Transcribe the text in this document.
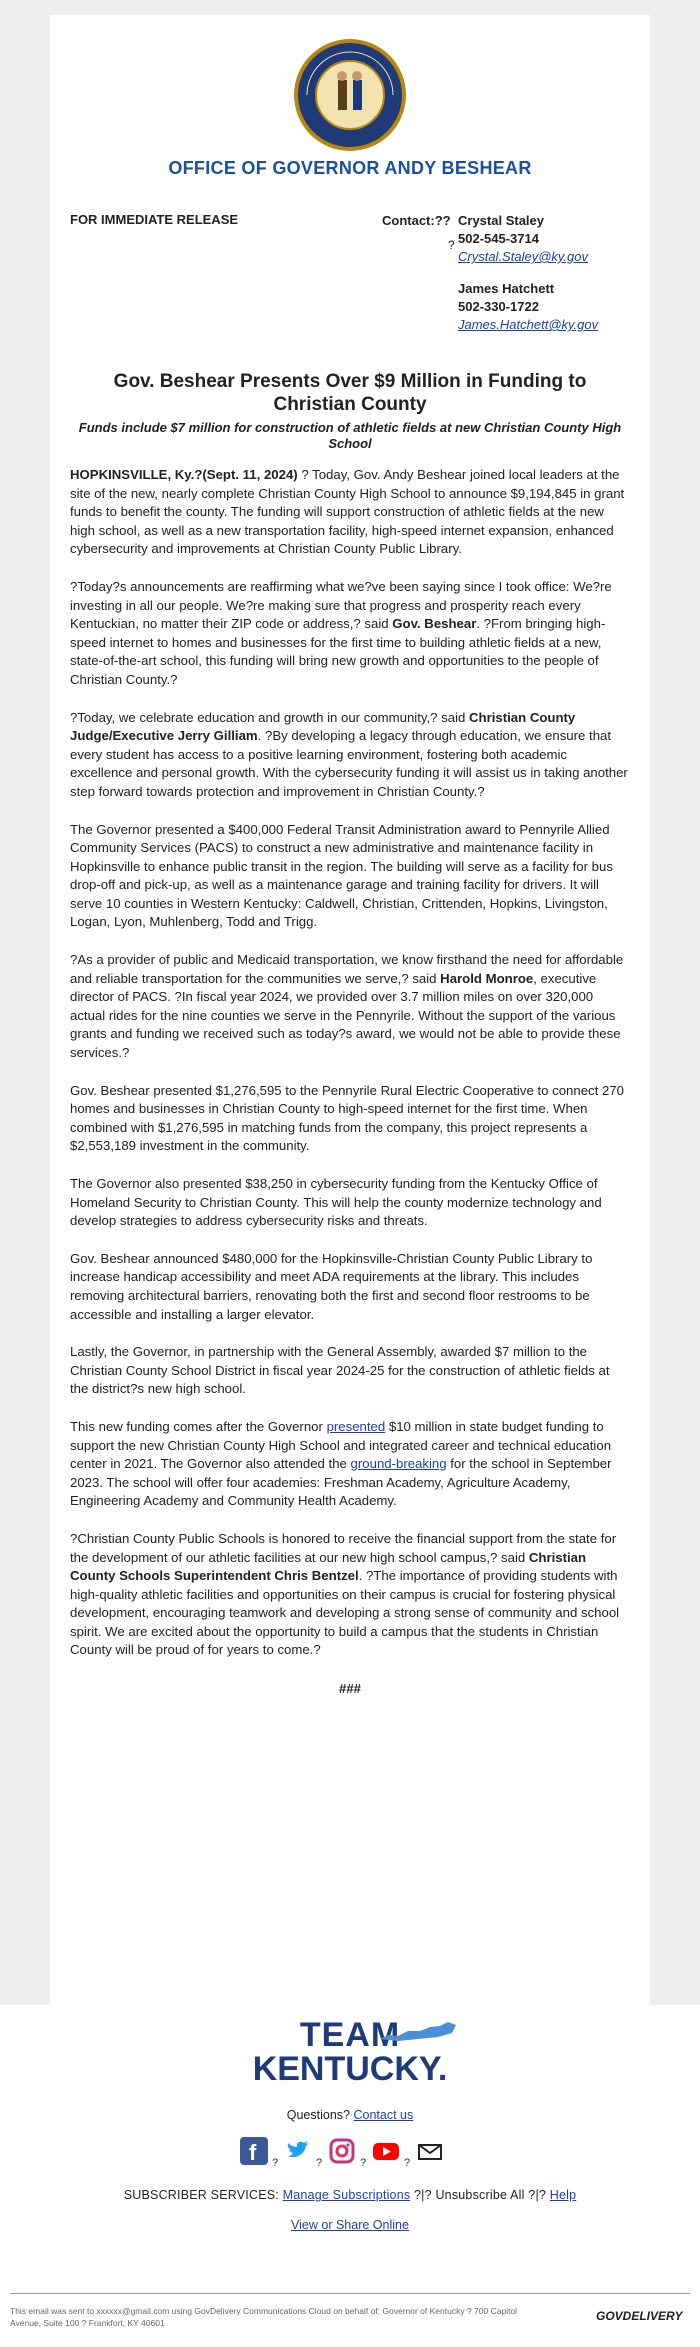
OFFICE OF GOVERNOR ANDY BESHEAR
FOR IMMEDIATE RELEASE	Contact:??
?
Crystal Staley
502-545-3714
Crystal.Staley@ky.gov
James Hatchett
502-330-1722
James.Hatchett@ky.gov
Gov. Beshear Presents Over $9 Million in Funding to Christian County
Funds include $7 million for construction of athletic fields at new Christian County High School

HOPKINSVILLE, Ky.?(Sept. 11, 2024) ? Today, Gov. Andy Beshear joined local leaders at the site of the new, nearly complete Christian County High School to announce $9,194,845 in grant funds to benefit the county. The funding will support construction of athletic fields at the new high school, as well as a new transportation facility, high-speed internet expansion, enhanced cybersecurity and improvements at Christian County Public Library.

?Today?s announcements are reaffirming what we?ve been saying since I took office: We?re investing in all our people. We?re making sure that progress and prosperity reach every Kentuckian, no matter their ZIP code or address,? said Gov. Beshear. ?From bringing high-speed internet to homes and businesses for the first time to building athletic fields at a new, state-of-the-art school, this funding will bring new growth and opportunities to the people of Christian County.?

?Today, we celebrate education and growth in our community,? said Christian County Judge/Executive Jerry Gilliam. ?By developing a legacy through education, we ensure that every student has access to a positive learning environment, fostering both academic excellence and personal growth. With the cybersecurity funding it will assist us in taking another step forward towards protection and improvement in Christian County.?

The Governor presented a $400,000 Federal Transit Administration award to Pennyrile Allied Community Services (PACS) to construct a new administrative and maintenance facility in Hopkinsville to enhance public transit in the region. The building will serve as a facility for bus drop-off and pick-up, as well as a maintenance garage and training facility for drivers. It will serve 10 counties in Western Kentucky: Caldwell, Christian, Crittenden, Hopkins, Livingston, Logan, Lyon, Muhlenberg, Todd and Trigg.

?As a provider of public and Medicaid transportation, we know firsthand the need for affordable and reliable transportation for the communities we serve,? said Harold Monroe, executive director of PACS. ?In fiscal year 2024, we provided over 3.7 million miles on over 320,000 actual rides for the nine counties we serve in the Pennyrile. Without the support of the various grants and funding we received such as today?s award, we would not be able to provide these services.?

Gov. Beshear presented $1,276,595 to the Pennyrile Rural Electric Cooperative to connect 270 homes and businesses in Christian County to high-speed internet for the first time. When combined with $1,276,595 in matching funds from the company, this project represents a $2,553,189 investment in the community.

The Governor also presented $38,250 in cybersecurity funding from the Kentucky Office of Homeland Security to Christian County. This will help the county modernize technology and develop strategies to address cybersecurity risks and threats.

Gov. Beshear announced $480,000 for the Hopkinsville-Christian County Public Library to increase handicap accessibility and meet ADA requirements at the library. This includes removing architectural barriers, renovating both the first and second floor restrooms to be accessible and installing a larger elevator.

Lastly, the Governor, in partnership with the General Assembly, awarded $7 million to the Christian County School District in fiscal year 2024-25 for the construction of athletic fields at the district?s new high school.

This new funding comes after the Governor presented $10 million in state budget funding to support the new Christian County High School and integrated career and technical education center in 2021. The Governor also attended the ground-breaking for the school in September 2023. The school will offer four academies: Freshman Academy, Agriculture Academy, Engineering Academy and Community Health Academy.

?Christian County Public Schools is honored to receive the financial support from the state for the development of our athletic facilities at our new high school campus,? said Christian County Schools Superintendent Chris Bentzel. ?The importance of providing students with high-quality athletic facilities and opportunities on their campus is crucial for fostering physical development, encouraging teamwork and developing a strong sense of community and school spirit. We are excited about the opportunity to build a campus that the students in Christian County will be proud of for years to come.?

###
TEAM
KENTUCKY.
Questions? Contact us
f ?	?	?	?
SUBSCRIBER SERVICES: Manage Subscriptions ?|? Unsubscribe All ?|? Help
View or Share Online
This email was sent to xxxxxx@gmail.com using GovDelivery Communications Cloud on behalf of: Governor of Kentucky ? 700 Capitol Avenue, Suite 100 ? Frankfort, KY 40601	GOVDELIVERY
